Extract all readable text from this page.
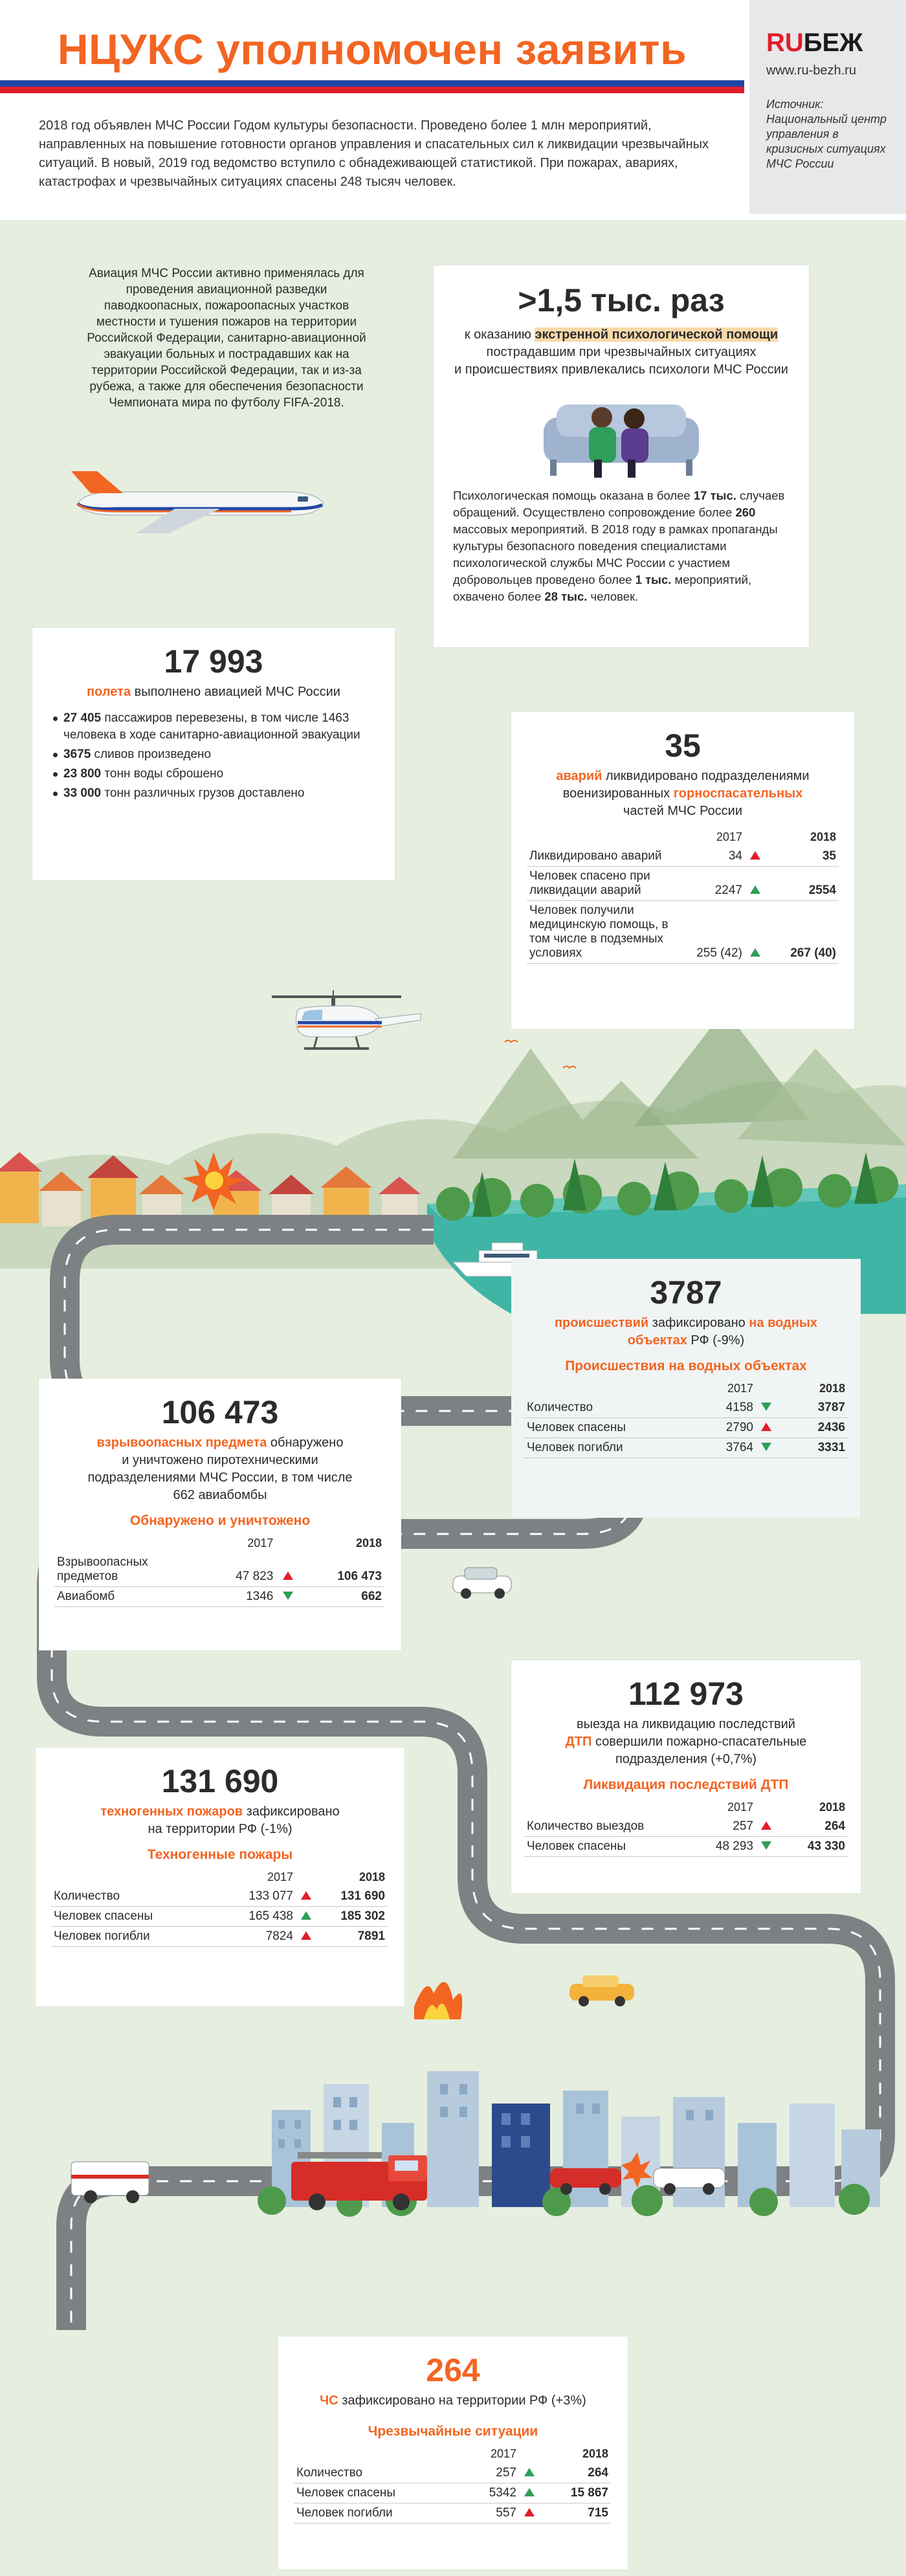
НЦУКС уполномочен заявить

2018 год объявлен МЧС России Годом культуры безопасности. Проведено более 1 млн мероприятий, направленных на повышение готовности органов управления и спасательных сил к ликвидации чрезвычайных ситуаций. В новый, 2019 год ведомство вступило с обнадеживающей статистикой. При пожарах, авариях, катастрофах и чрезвычайных ситуациях спасены 248 тысяч человек.

RUБЕЖ
www.ru-bezh.ru
Источник: Национальный центр управления в кризисных ситуациях МЧС России
Авиация МЧС России активно применялась для проведения авиационной разведки паводкоопасных, пожароопасных участков местности и тушения пожаров на территории Российской Федерации, санитарно-авиационной эвакуации больных и пострадавших как на территории Российской Федерации, так и из-за рубежа, а также для обеспечения безопасности Чемпионата мира по футболу FIFA-2018.
>1,5 тыс. раз
к оказанию экстренной психологической помощи
пострадавшим при чрезвычайных ситуациях
и происшествиях привлекались психологи МЧС России

Психологическая помощь оказана в более 17 тыс. случаев обращений. Осуществлено сопровождение более 260 массовых мероприятий. В 2018 году в рамках пропаганды культуры безопасного поведения специалистами психологической службы МЧС России с участием добровольцев проведено более 1 тыс. мероприятий, охвачено более 28 тыс. человек.

17 993
полета выполнено авиацией МЧС России
27 405 пассажиров перевезены, в том числе 1463 человека в ходе санитарно-авиационной эвакуации
3675 сливов произведено
23 800 тонн воды сброшено
33 000 тонн различных грузов доставлено
35
аварий ликвидировано подразделениями
военизированных горноспасательных
частей МЧС России
	2017		2018
Ликвидировано аварий	34		35
Человек спасено при ликвидации аварий	2247		2554
Человек получили медицинскую помощь, в том числе в подземных условиях	255 (42)		267 (40)
3787
происшествий зафиксировано на водных
объектах РФ (-9%)
Происшествия на водных объектах
	2017		2018
Количество	4158		3787
Человек спасены	2790		2436
Человек погибли	3764		3331
106 473
взрывоопасных предмета обнаружено
и уничтожено пиротехническими
подразделениями МЧС России, в том числе
662 авиабомбы
Обнаружено и уничтожено
	2017		2018
Взрывоопасных предметов	47 823		106 473
Авиабомб	1346		662
112 973
выезда на ликвидацию последствий
ДТП совершили пожарно-спасательные
подразделения (+0,7%)
Ликвидация последствий ДТП
	2017		2018
Количество выездов	257		264
Человек спасены	48 293		43 330
131 690
техногенных пожаров зафиксировано
на территории РФ (-1%)
Техногенные пожары
	2017		2018
Количество	133 077		131 690
Человек спасены	165 438		185 302
Человек погибли	7824		7891
264
ЧС зафиксировано на территории РФ (+3%)
Чрезвычайные ситуации
	2017		2018
Количество	257		264
Человек спасены	5342		15 867
Человек погибли	557		715
